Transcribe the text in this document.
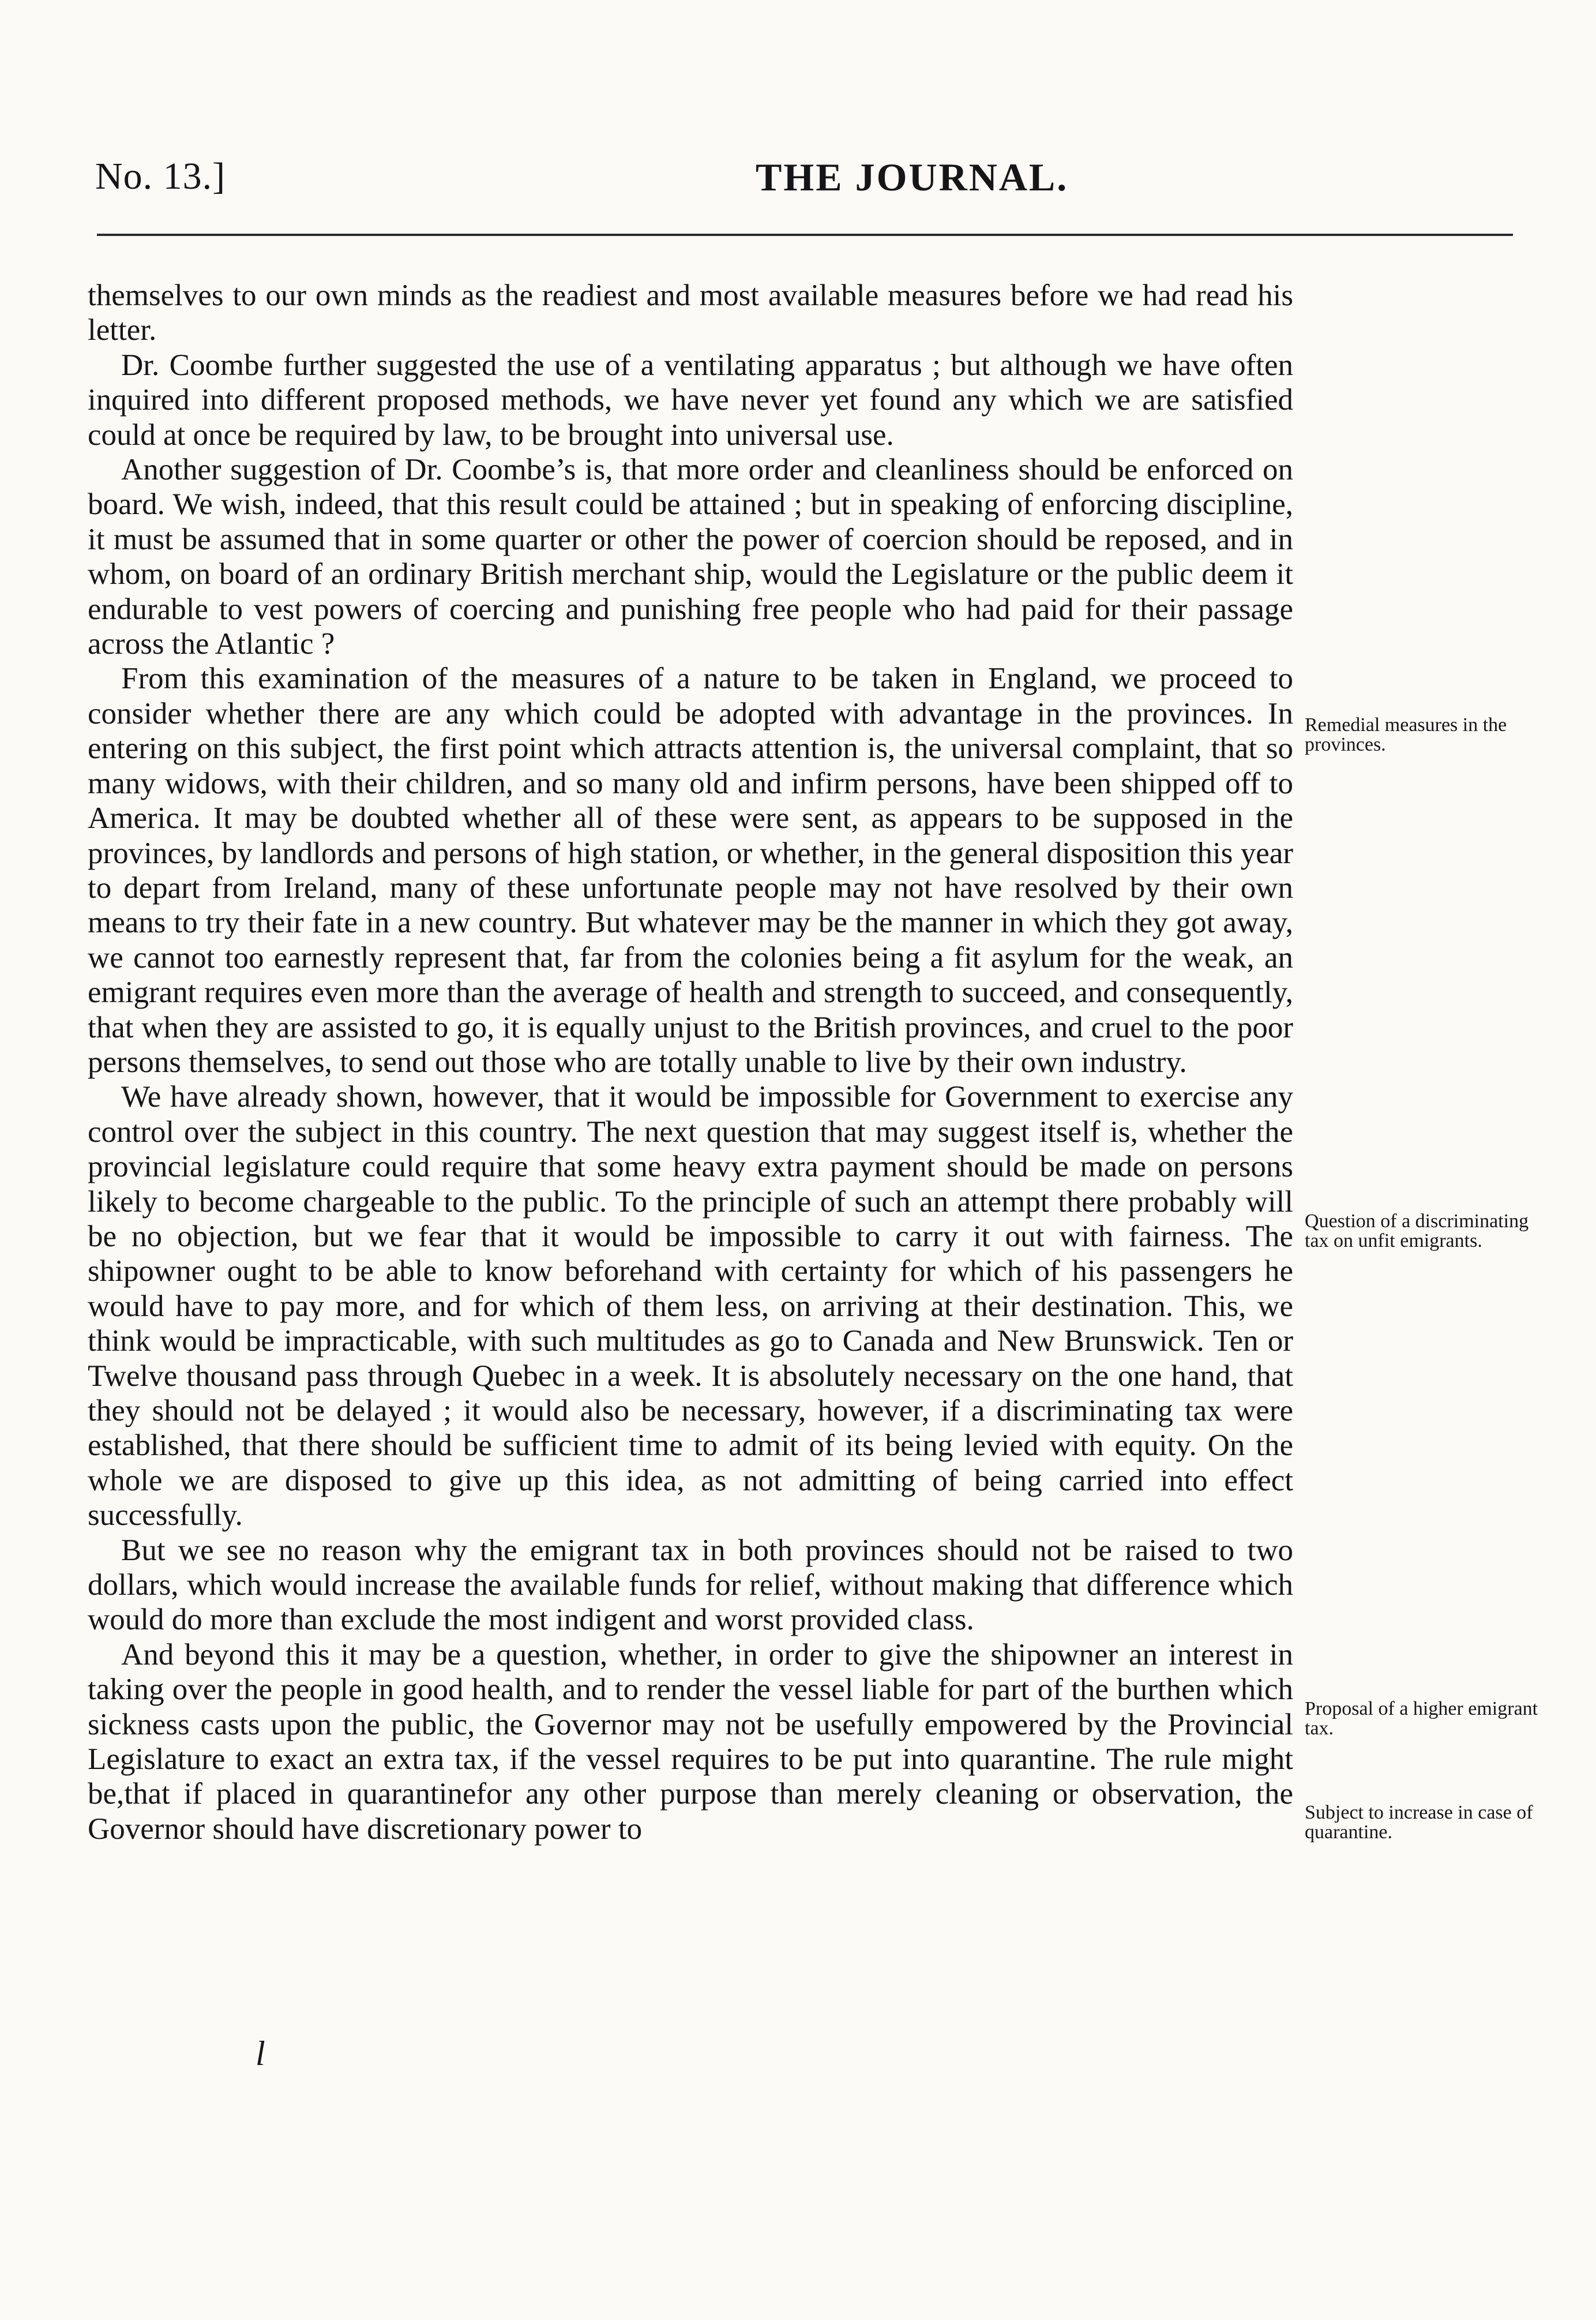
No. 13.]	THE JOURNAL.

themselves to our own minds as the readiest and most available measures before we had read his letter.

Dr. Coombe further suggested the use of a ventilating apparatus ; but although we have often inquired into different proposed methods, we have never yet found any which we are satisfied could at once be required by law, to be brought into universal use.

Another suggestion of Dr. Coombe’s is, that more order and cleanliness should be enforced on board. We wish, indeed, that this result could be attained ; but in speaking of enforcing discipline, it must be assumed that in some quarter or other the power of coercion should be reposed, and in whom, on board of an ordinary British merchant ship, would the Legislature or the public deem it endurable to vest powers of coercing and punishing free people who had paid for their passage across the Atlantic ?

From this examination of the measures of a nature to be taken in England, we proceed to consider whether there are any which could be adopted with advantage in the provinces. In entering on this subject, the first point which attracts attention is, the universal complaint, that so many widows, with their children, and so many old and infirm persons, have been shipped off to America. It may be doubted whether all of these were sent, as appears to be supposed in the provinces, by landlords and persons of high station, or whether, in the general disposition this year to depart from Ireland, many of these unfortunate people may not have resolved by their own means to try their fate in a new country. But whatever may be the manner in which they got away, we cannot too earnestly represent that, far from the colonies being a fit asylum for the weak, an emigrant requires even more than the average of health and strength to succeed, and consequently, that when they are assisted to go, it is equally unjust to the British provinces, and cruel to the poor persons themselves, to send out those who are totally unable to live by their own industry.

We have already shown, however, that it would be impossible for Government to exercise any control over the subject in this country. The next question that may suggest itself is, whether the provincial legislature could require that some heavy extra payment should be made on persons likely to become chargeable to the public. To the principle of such an attempt there probably will be no objection, but we fear that it would be impossible to carry it out with fairness. The shipowner ought to be able to know beforehand with certainty for which of his passengers he would have to pay more, and for which of them less, on arriving at their destination. This, we think would be impracticable, with such multitudes as go to Canada and New Brunswick. Ten or Twelve thousand pass through Quebec in a week. It is absolutely necessary on the one hand, that they should not be delayed ; it would also be necessary, however, if a discriminating tax were established, that there should be sufficient time to admit of its being levied with equity. On the whole we are disposed to give up this idea, as not admitting of being carried into effect successfully.

But we see no reason why the emigrant tax in both provinces should not be raised to two dollars, which would increase the available funds for relief, without making that difference which would do more than exclude the most indigent and worst provided class.

And beyond this it may be a question, whether, in order to give the shipowner an interest in taking over the people in good health, and to render the vessel liable for part of the burthen which sickness casts upon the public, the Governor may not be usefully empowered by the Provincial Legislature to exact an extra tax, if the vessel requires to be put into quarantine. The rule might be,that if placed in quarantinefor any other purpose than merely cleaning or observation, the Governor should have discretionary power to

Remedial measures in the provinces.
Question of a discriminating tax on unfit emigrants.
Proposal of a higher emigrant tax.
Subject to increase in case of quarantine.
l
